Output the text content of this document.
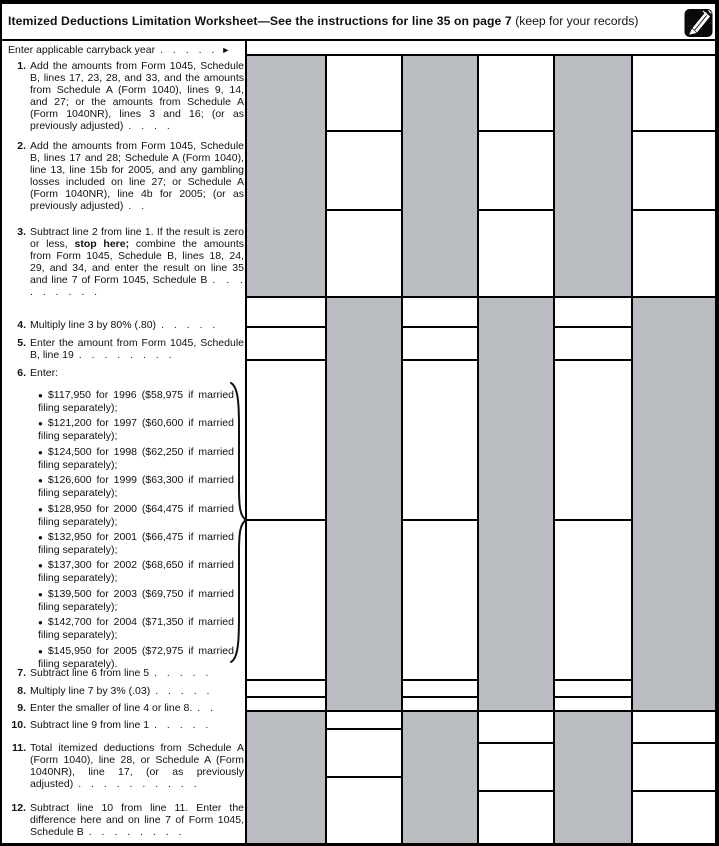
Itemized Deductions Limitation Worksheet—See the instructions for line 35 on page 7 (keep for your records)
Enter applicable carryback year . . . . . ►
1. Add the amounts from Form 1045, Schedule B, lines 17, 23, 28, and 33, and the amounts from Schedule A (Form 1040), lines 9, 14, and 27; or the amounts from Schedule A (Form 1040NR), lines 3 and 16; (or as previously adjusted) . . . .
2. Add the amounts from Form 1045, Schedule B, lines 17 and 28; Schedule A (Form 1040), line 13, line 15b for 2005, and any gambling losses included on line 27; or Schedule A (Form 1040NR), line 4b for 2005; (or as previously adjusted) . .
3. Subtract line 2 from line 1. If the result is zero or less, stop here; combine the amounts from Form 1045, Schedule B, lines 18, 24, 29, and 34, and enter the result on line 35 and line 7 of Form 1045, Schedule B . . . . . . . . .
4. Multiply line 3 by 80% (.80) . . . . .
5. Enter the amount from Form 1045, Schedule B, line 19 . . . . . . . .
6. Enter:
● $117,950 for 1996 ($58,975 if married filing separately);
● $121,200 for 1997 ($60,600 if married filing separately);
● $124,500 for 1998 ($62,250 if married filing separately);
● $126,600 for 1999 ($63,300 if married filing separately);
● $128,950 for 2000 ($64,475 if married filing separately);
● $132,950 for 2001 ($66,475 if married filing separately);
● $137,300 for 2002 ($68,650 if married filing separately);
● $139,500 for 2003 ($69,750 if married filing separately);
● $142,700 for 2004 ($71,350 if married filing separately);
● $145,950 for 2005 ($72,975 if married filing separately).
7. Subtract line 6 from line 5 . . . . .
8. Multiply line 7 by 3% (.03) . . . . .
9. Enter the smaller of line 4 or line 8. . .
10. Subtract line 9 from line 1 . . . . .
11. Total itemized deductions from Schedule A (Form 1040), line 28, or Schedule A (Form 1040NR), line 17, (or as previously adjusted) . . . . . . . . . .
12. Subtract line 10 from line 11. Enter the difference here and on line 7 of Form 1045, Schedule B . . . . . . . .
